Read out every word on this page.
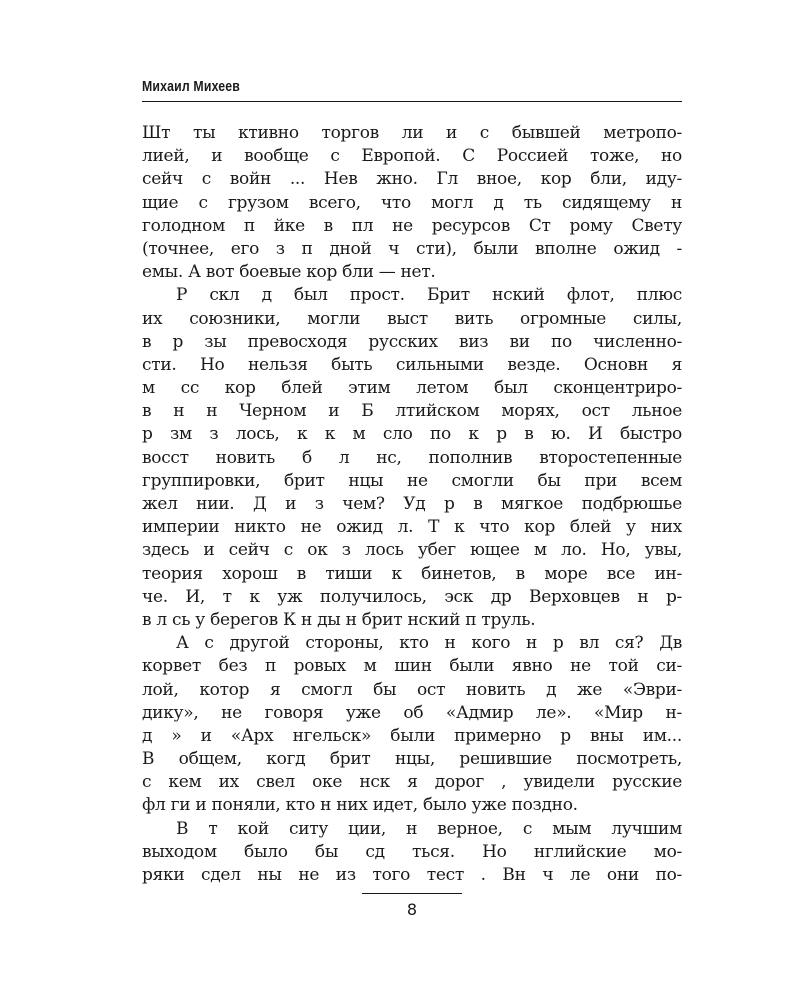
Михаил Михеев
Шт ты ктивно торгов ли и с бывшей метропо-
лией, и вообще с Европой. С Россией тоже, но
сейч с войн ... Нев жно. Гл вное, кор бли, иду-
щие с грузом всего, что могл д ть сидящему н
голодном п йке в пл не ресурсов Ст рому Свету
(точнее, его з п дной ч сти), были вполне ожид -
емы. А вот боевые кор бли — нет.
Р скл д был прост. Брит нский флот, плюс
их союзники, могли выст вить огромные силы,
в р зы превосходя русских виз ви по численно-
сти. Но нельзя быть сильными везде. Основн я
м сс кор блей этим летом был сконцентриро-
в н н Черном и Б лтийском морях, ост льное
р зм з лось, к к м сло по к р в ю. И быстро
восст новить б л нс, пополнив второстепенные
группировки, брит нцы не смогли бы при всем
жел нии. Д и з чем? Уд р в мягкое подбрюшье
империи никто не ожид л. Т к что кор блей у них
здесь и сейч с ок з лось убег ющее м ло. Но, увы,
теория хорош в тиши к бинетов, в море все ин-
че. И, т к уж получилось, эск др Верховцев н р-
в л сь у берегов К н ды н брит нский п труль.
А с другой стороны, кто н кого н р вл ся? Дв
корвет без п ровых м шин были явно не той си-
лой, котор я смогл бы ост новить д же «Эври-
дику», не говоря уже об «Адмир ле». «Мир н-
д » и «Арх нгельск» были примерно р вны им...
В общем, когд брит нцы, решившие посмотреть,
с кем их свел оке нск я дорог , увидели русские
фл ги и поняли, кто н них идет, было уже поздно.
В т кой ситу ции, н верное, с мым лучшим
выходом было бы сд ться. Но нглийские мо-
ряки сдел ны не из того тест . Вн ч ле они по-
8
